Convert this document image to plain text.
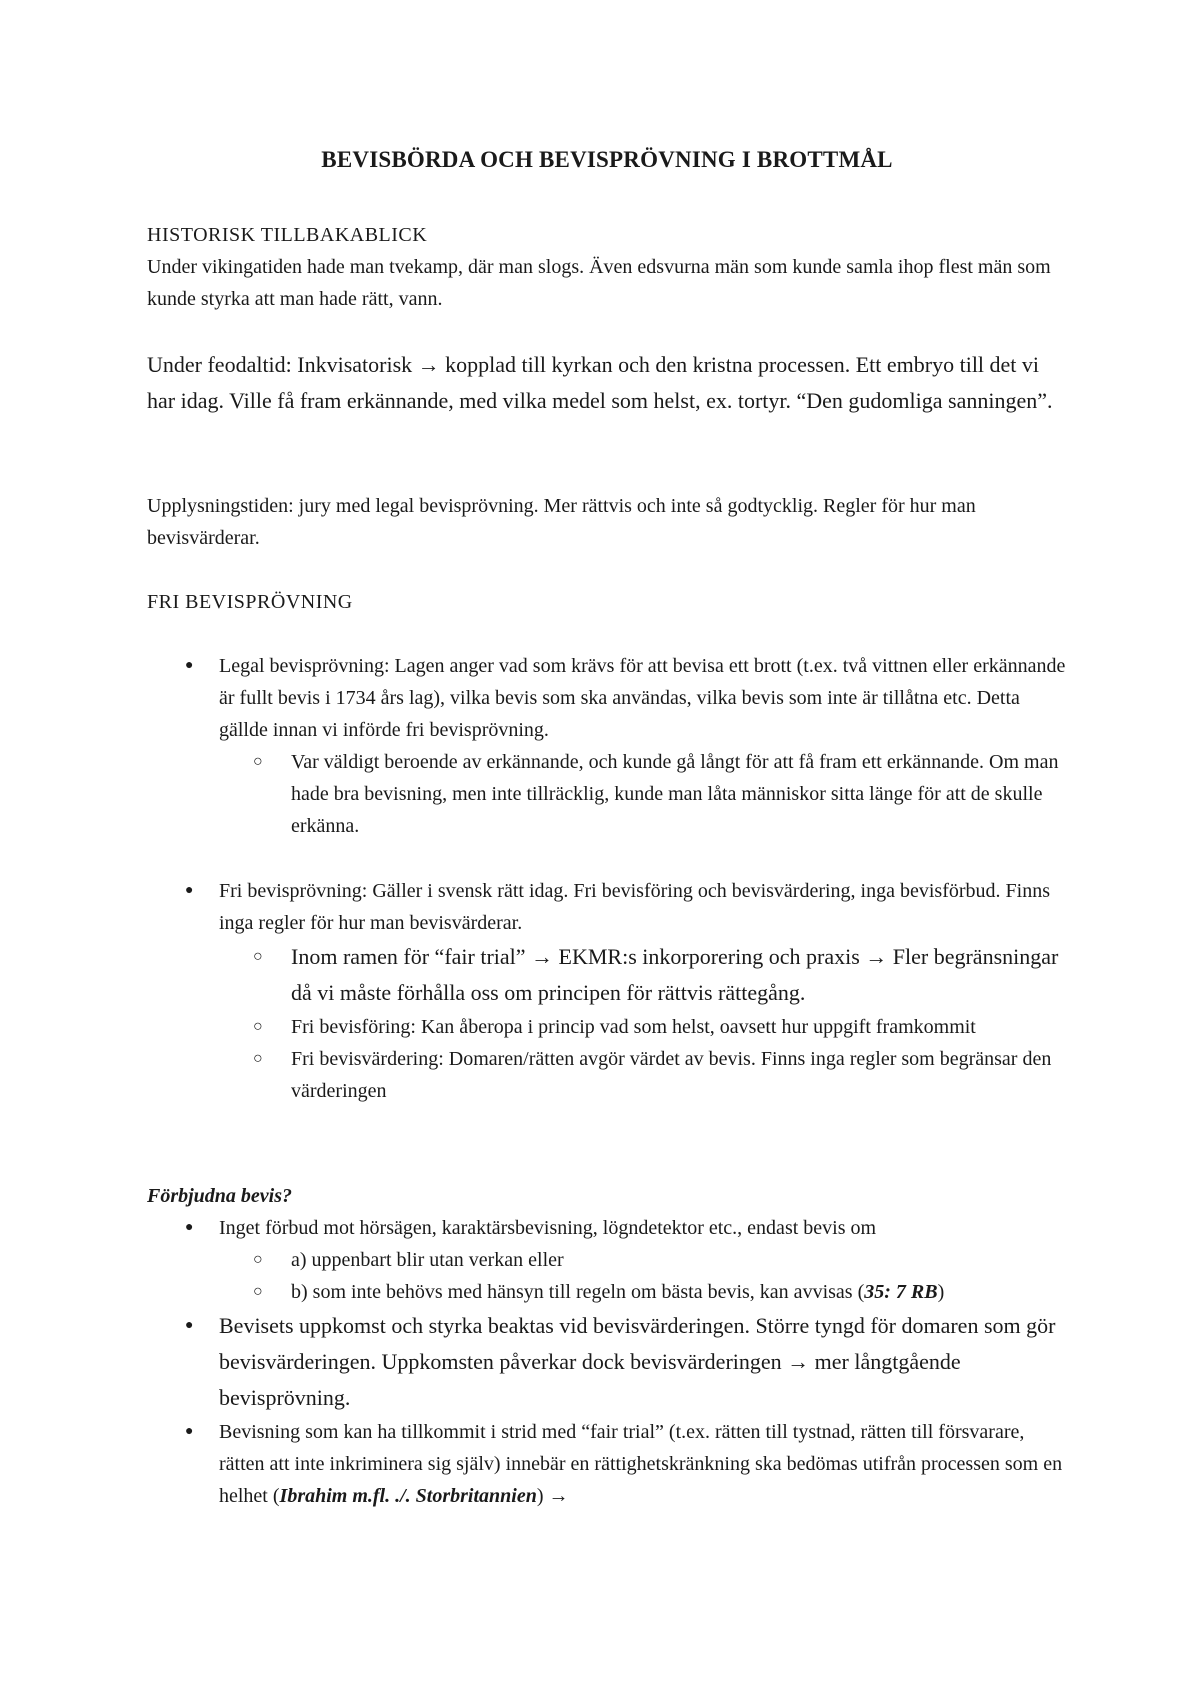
BEVISBÖRDA OCH BEVISPRÖVNING I BROTTMÅL
HISTORISK TILLBAKABLICK
Under vikingatiden hade man tvekamp, där man slogs. Även edsvurna män som kunde samla ihop flest män som kunde styrka att man hade rätt, vann.
Under feodaltid: Inkvisatorisk → kopplad till kyrkan och den kristna processen. Ett embryo till det vi har idag. Ville få fram erkännande, med vilka medel som helst, ex. tortyr. “Den gudomliga sanningen”.
Upplysningstiden: jury med legal bevisprövning. Mer rättvis och inte så godtycklig. Regler för hur man bevisvärderar.
FRI BEVISPRÖVNING
● Legal bevisprövning: Lagen anger vad som krävs för att bevisa ett brott (t.ex. två vittnen eller erkännande är fullt bevis i 1734 års lag), vilka bevis som ska användas, vilka bevis som inte är tillåtna etc. Detta gällde innan vi införde fri bevisprövning.
○ Var väldigt beroende av erkännande, och kunde gå långt för att få fram ett erkännande. Om man hade bra bevisning, men inte tillräcklig, kunde man låta människor sitta länge för att de skulle erkänna.
● Fri bevisprövning: Gäller i svensk rätt idag. Fri bevisföring och bevisvärdering, inga bevisförbud. Finns inga regler för hur man bevisvärderar.
○ Inom ramen för “fair trial” → EKMR:s inkorporering och praxis → Fler begränsningar då vi måste förhålla oss om principen för rättvis rättegång.
○ Fri bevisföring: Kan åberopa i princip vad som helst, oavsett hur uppgift framkommit
○ Fri bevisvärdering: Domaren/rätten avgör värdet av bevis. Finns inga regler som begränsar den värderingen
Förbjudna bevis?
● Inget förbud mot hörsägen, karaktärsbevisning, lögndetektor etc., endast bevis om
○ a) uppenbart blir utan verkan eller
○ b) som inte behövs med hänsyn till regeln om bästa bevis, kan avvisas (35: 7 RB)
● Bevisets uppkomst och styrka beaktas vid bevisvärderingen. Större tyngd för domaren som gör bevisvärderingen. Uppkomsten påverkar dock bevisvärderingen → mer långtgående bevisprövning.
● Bevisning som kan ha tillkommit i strid med “fair trial” (t.ex. rätten till tystnad, rätten till försvarare, rätten att inte inkriminera sig själv) innebär en rättighetskränkning ska bedömas utifrån processen som en helhet (Ibrahim m.fl. ./. Storbritannien) →
